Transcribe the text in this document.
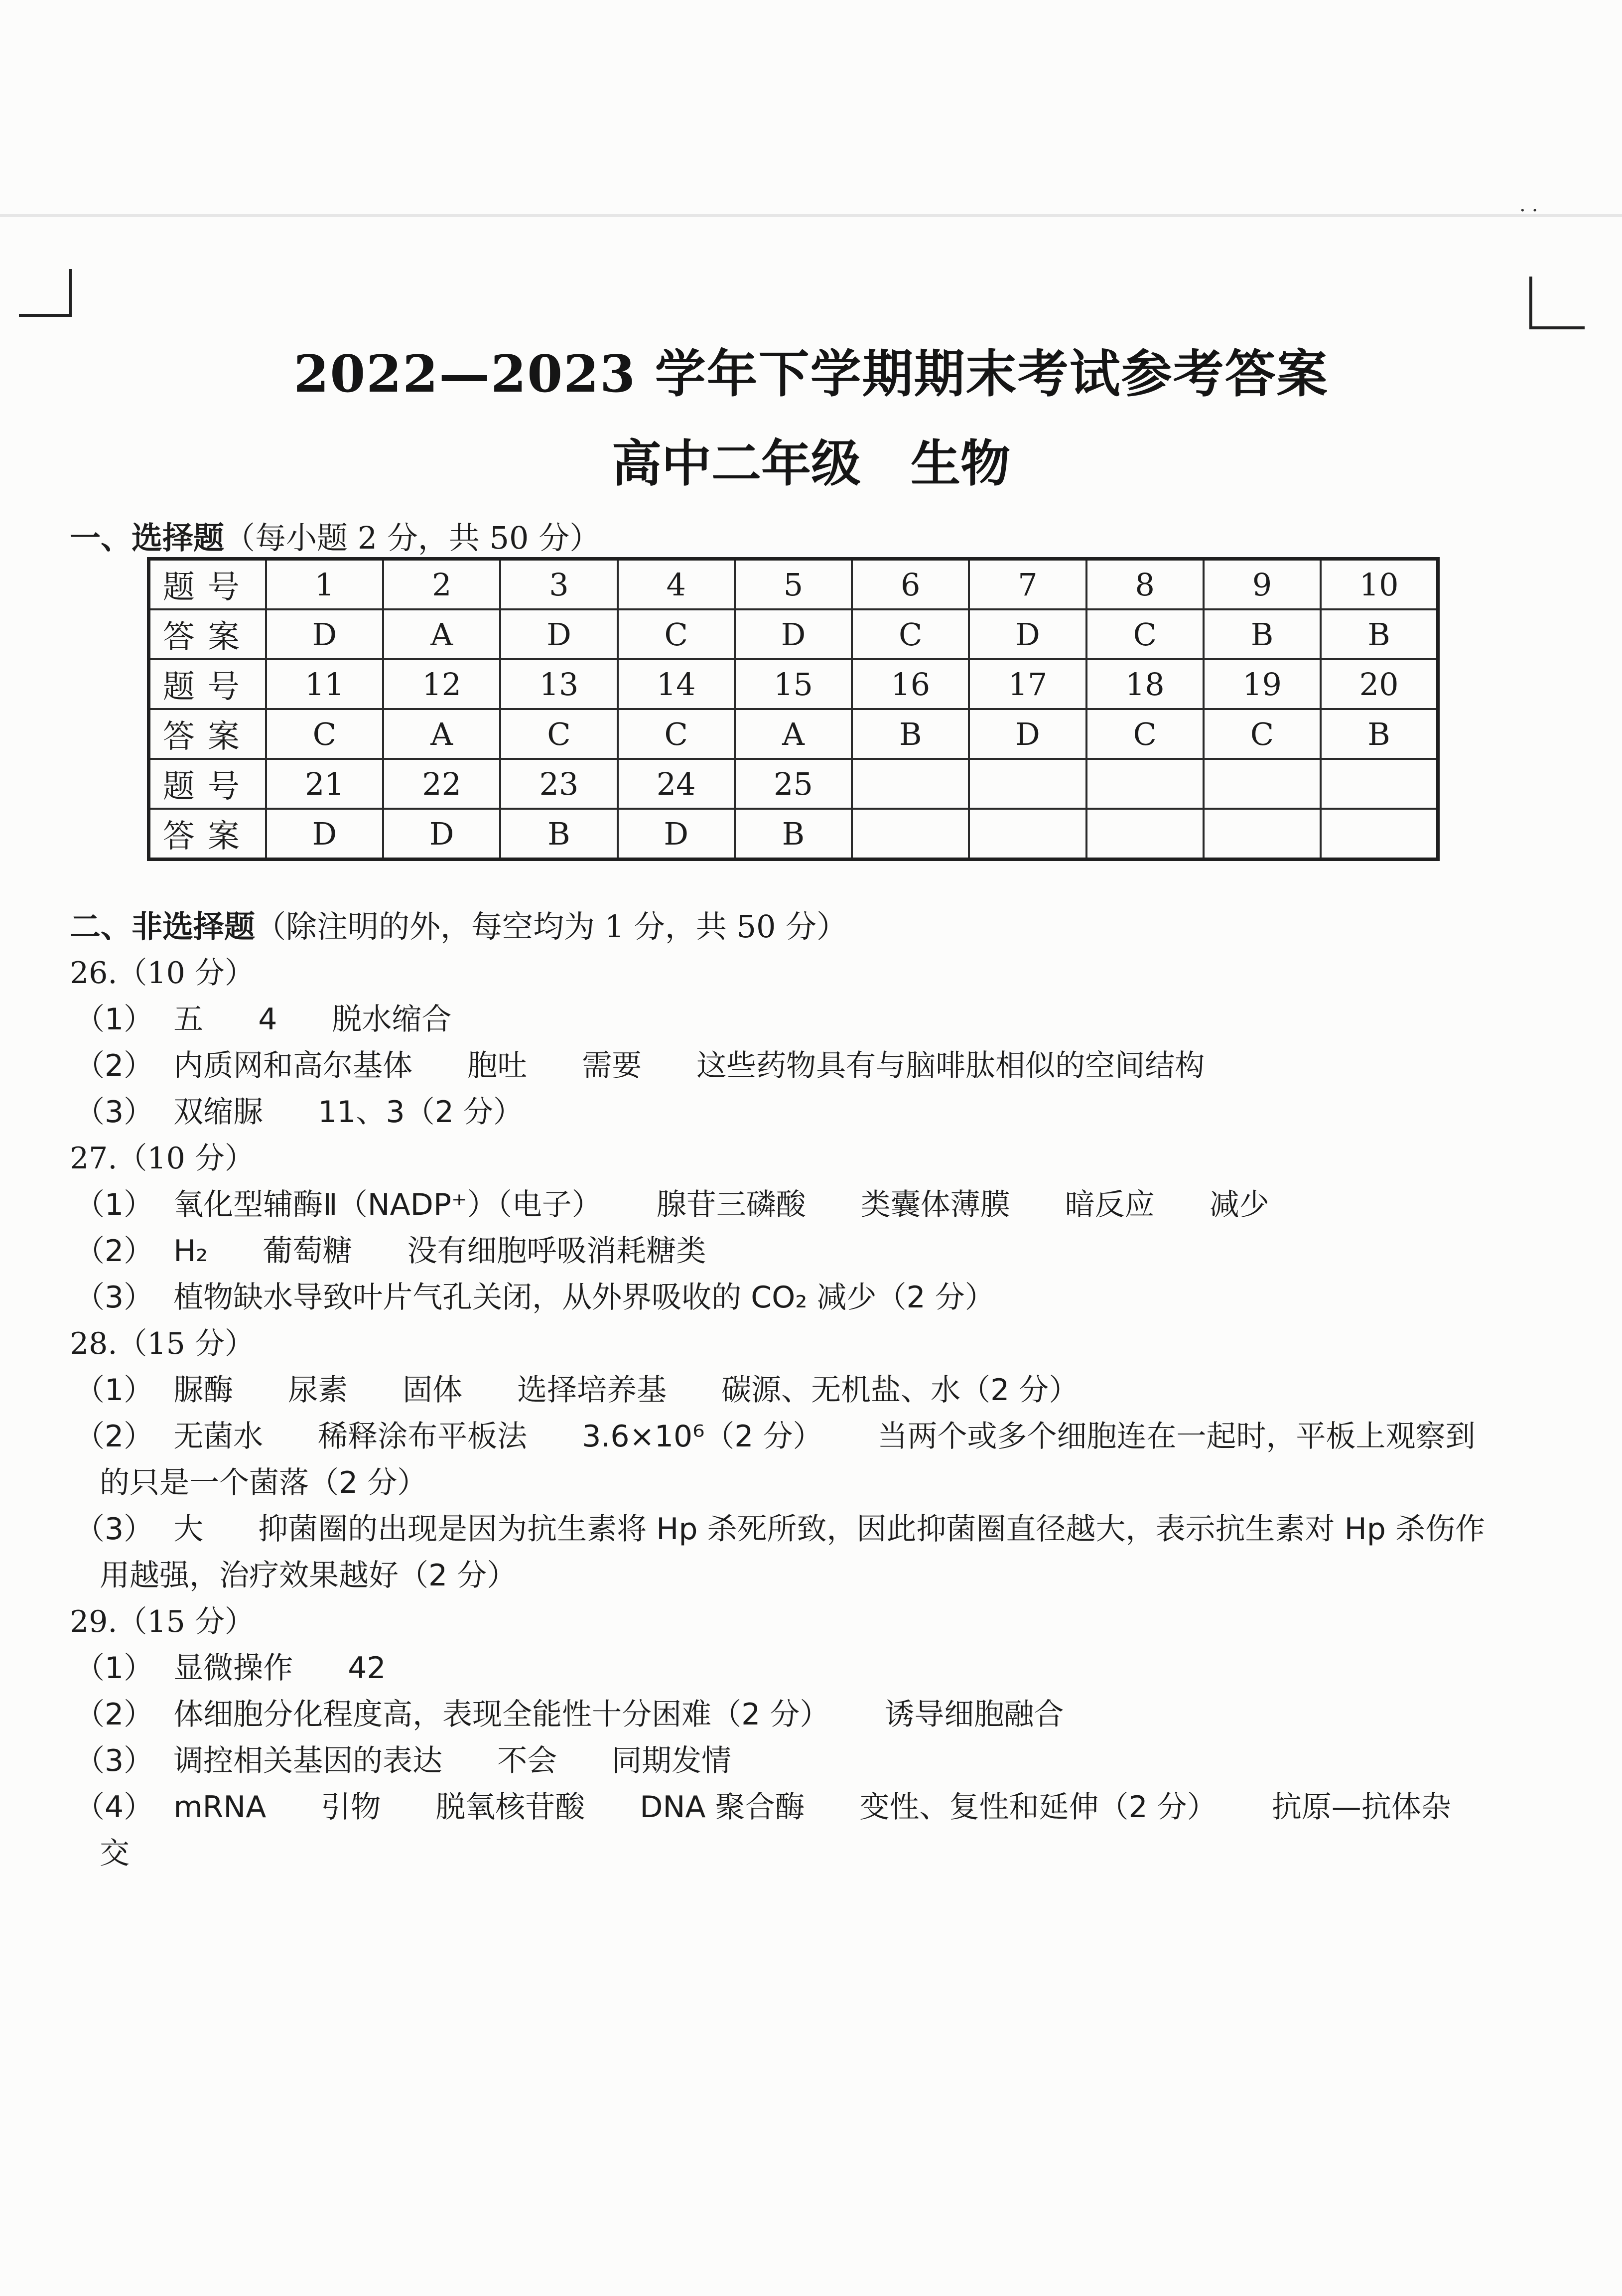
··
2022—2023 学年下学期期末考试参考答案
高中二年级　生物
一、选择题（每小题 2 分，共 50 分）
题号	1	2	3	4	5	6	7	8	9	10
答案	D	A	D	C	D	C	D	C	B	B
题号	11	12	13	14	15	16	17	18	19	20
答案	C	A	C	C	A	B	D	C	C	B
题号	21	22	23	24	25					
答案	D	D	B	D	B					
二、非选择题（除注明的外，每空均为 1 分，共 50 分）
26.（10 分）
（1） 五 4 脱水缩合
（2） 内质网和高尔基体 胞吐 需要 这些药物具有与脑啡肽相似的空间结构
（3） 双缩脲 11、3（2 分）
27.（10 分）
（1） 氧化型辅酶Ⅱ（NADP⁺）（电子） 腺苷三磷酸 类囊体薄膜 暗反应 减少
（2） H₂ 葡萄糖 没有细胞呼吸消耗糖类
（3） 植物缺水导致叶片气孔关闭，从外界吸收的 CO₂ 减少（2 分）
28.（15 分）
（1） 脲酶 尿素 固体 选择培养基 碳源、无机盐、水（2 分）
（2） 无菌水 稀释涂布平板法 3.6×10⁶（2 分） 当两个或多个细胞连在一起时，平板上观察到
的只是一个菌落（2 分）
（3） 大 抑菌圈的出现是因为抗生素将 Hp 杀死所致，因此抑菌圈直径越大，表示抗生素对 Hp 杀伤作
用越强，治疗效果越好（2 分）
29.（15 分）
（1） 显微操作 42
（2） 体细胞分化程度高，表现全能性十分困难（2 分） 诱导细胞融合
（3） 调控相关基因的表达 不会 同期发情
（4） mRNA 引物 脱氧核苷酸 DNA 聚合酶 变性、复性和延伸（2 分） 抗原—抗体杂
交
